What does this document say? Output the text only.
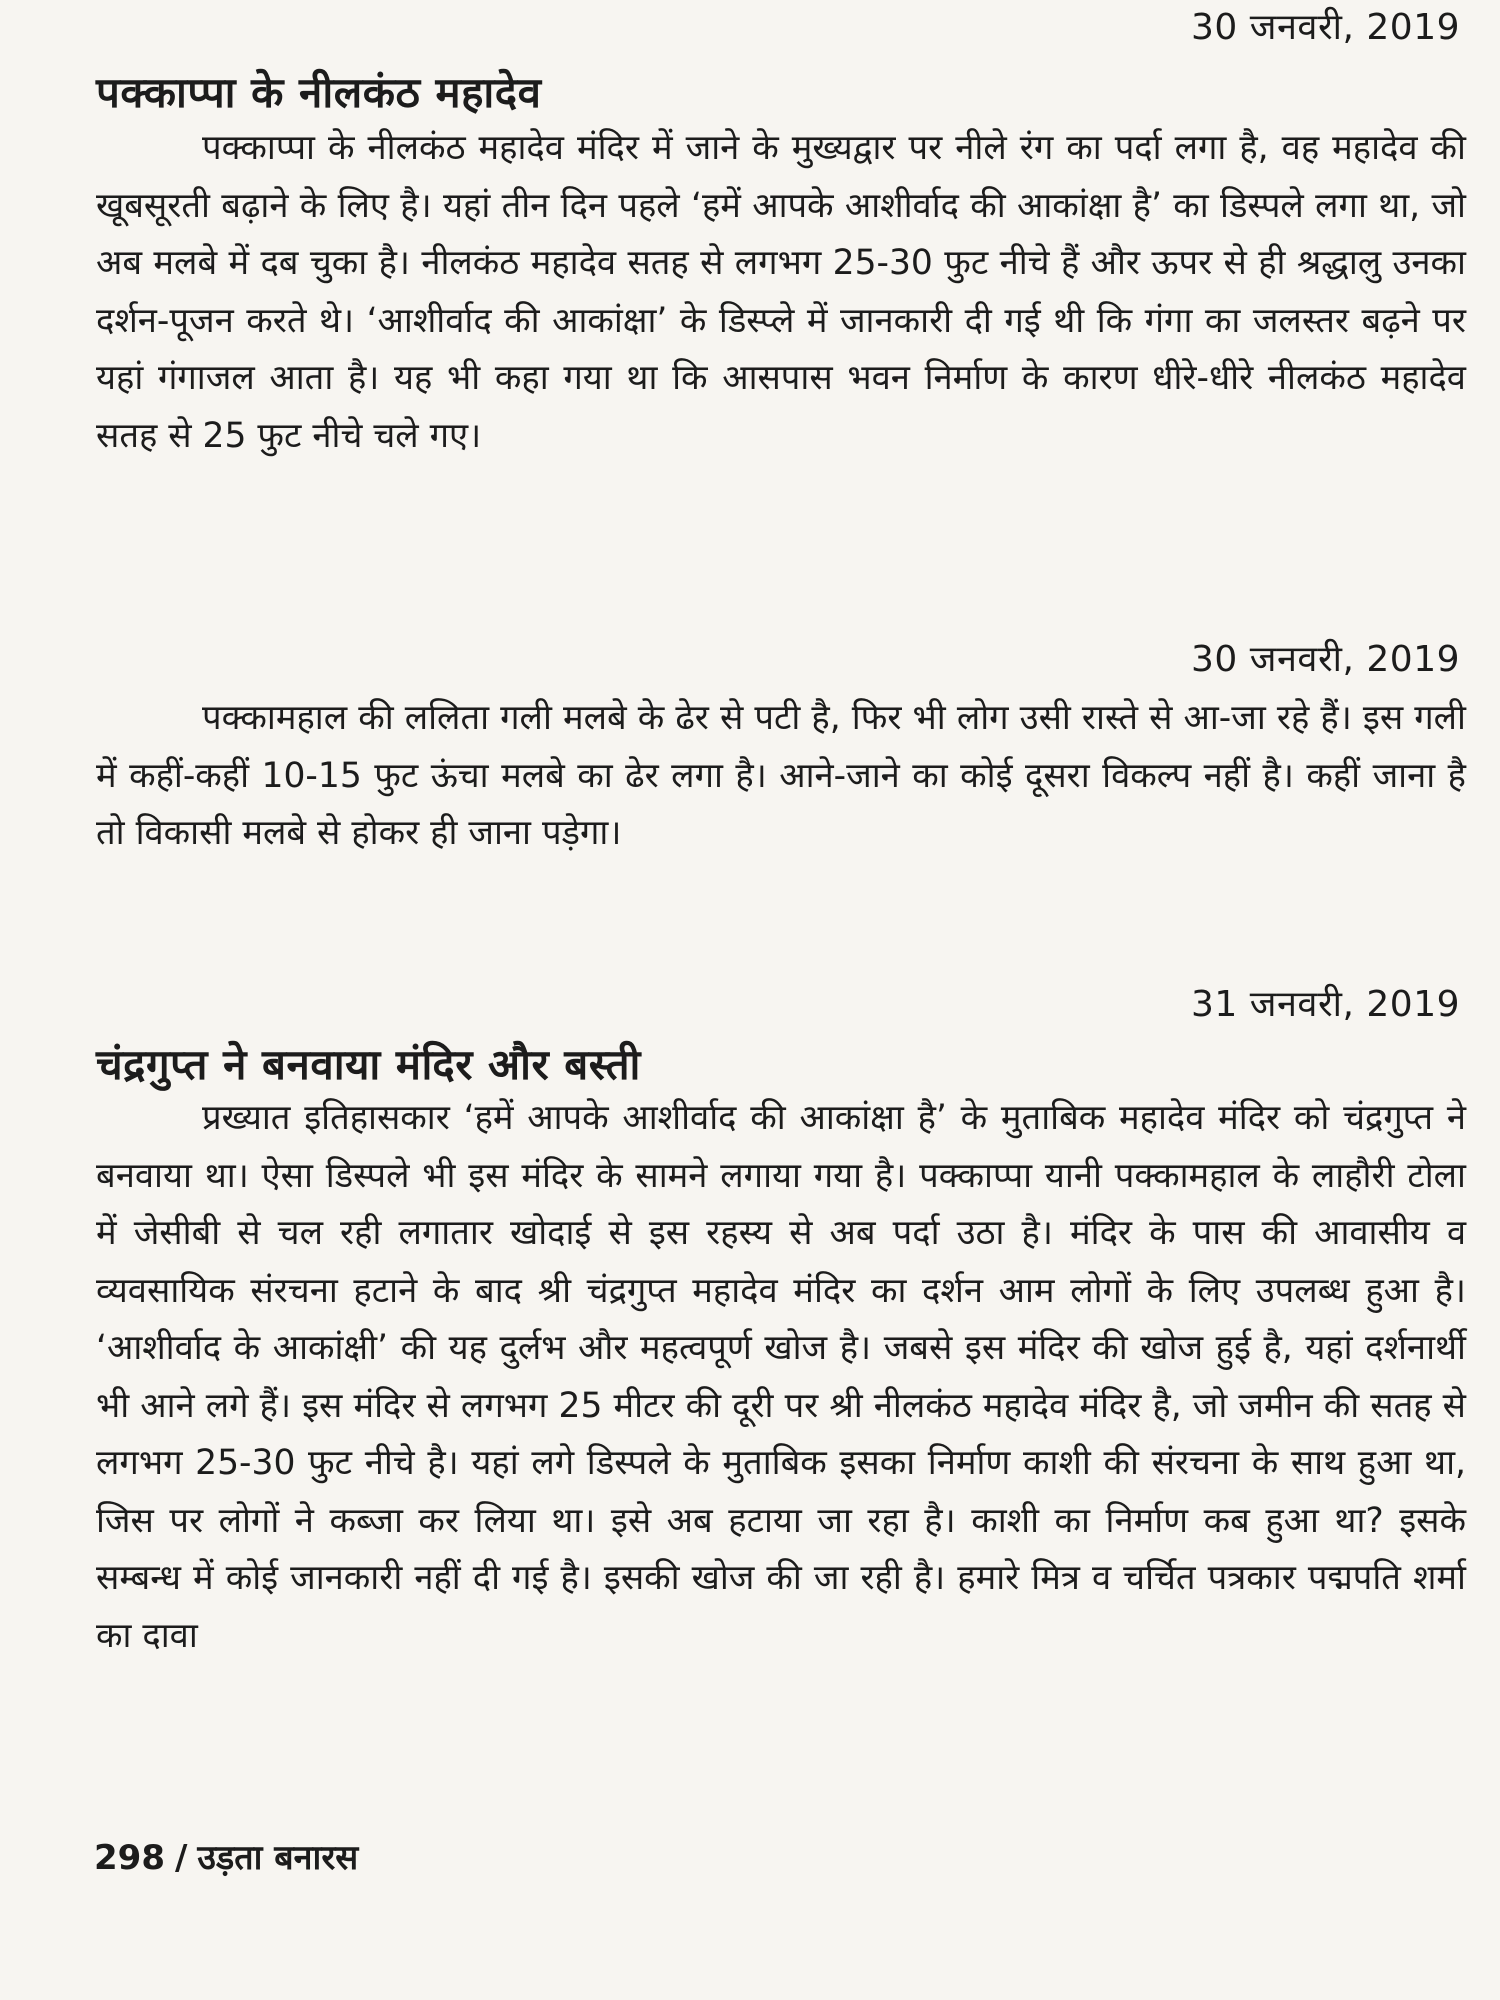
30 जनवरी, 2019
पक्काप्पा के नीलकंठ महादेव
पक्काप्पा के नीलकंठ महादेव मंदिर में जाने के मुख्यद्वार पर नीले रंग का पर्दा लगा है, वह महादेव की खूबसूरती बढ़ाने के लिए है। यहां तीन दिन पहले ‘हमें आपके आशीर्वाद की आकांक्षा है’ का डिस्पले लगा था, जो अब मलबे में दब चुका है। नीलकंठ महादेव सतह से लगभग 25-30 फुट नीचे हैं और ऊपर से ही श्रद्धालु उनका दर्शन-पूजन करते थे। ‘आशीर्वाद की आकांक्षा’ के डिस्प्ले में जानकारी दी गई थी कि गंगा का जलस्तर बढ़ने पर यहां गंगाजल आता है। यह भी कहा गया था कि आसपास भवन निर्माण के कारण धीरे-धीरे नीलकंठ महादेव सतह से 25 फुट नीचे चले गए।
30 जनवरी, 2019
पक्कामहाल की ललिता गली मलबे के ढेर से पटी है, फिर भी लोग उसी रास्ते से आ-जा रहे हैं। इस गली में कहीं-कहीं 10-15 फुट ऊंचा मलबे का ढेर लगा है। आने-जाने का कोई दूसरा विकल्प नहीं है। कहीं जाना है तो विकासी मलबे से होकर ही जाना पड़ेगा।
31 जनवरी, 2019
चंद्रगुप्त ने बनवाया मंदिर और बस्ती
प्रख्यात इतिहासकार ‘हमें आपके आशीर्वाद की आकांक्षा है’ के मुताबिक महादेव मंदिर को चंद्रगुप्त ने बनवाया था। ऐसा डिस्पले भी इस मंदिर के सामने लगाया गया है। पक्काप्पा यानी पक्कामहाल के लाहौरी टोला में जेसीबी से चल रही लगातार खोदाई से इस रहस्य से अब पर्दा उठा है। मंदिर के पास की आवासीय व व्यवसायिक संरचना हटाने के बाद श्री चंद्रगुप्त महादेव मंदिर का दर्शन आम लोगों के लिए उपलब्ध हुआ है। ‘आशीर्वाद के आकांक्षी’ की यह दुर्लभ और महत्वपूर्ण खोज है। जबसे इस मंदिर की खोज हुई है, यहां दर्शनार्थी भी आने लगे हैं। इस मंदिर से लगभग 25 मीटर की दूरी पर श्री नीलकंठ महादेव मंदिर है, जो जमीन की सतह से लगभग 25-30 फुट नीचे है। यहां लगे डिस्पले के मुताबिक इसका निर्माण काशी की संरचना के साथ हुआ था, जिस पर लोगों ने कब्जा कर लिया था। इसे अब हटाया जा रहा है। काशी का निर्माण कब हुआ था? इसके सम्बन्ध में कोई जानकारी नहीं दी गई है। इसकी खोज की जा रही है। हमारे मित्र व चर्चित पत्रकार पद्मपति शर्मा का दावा
298 / उड़ता बनारस
